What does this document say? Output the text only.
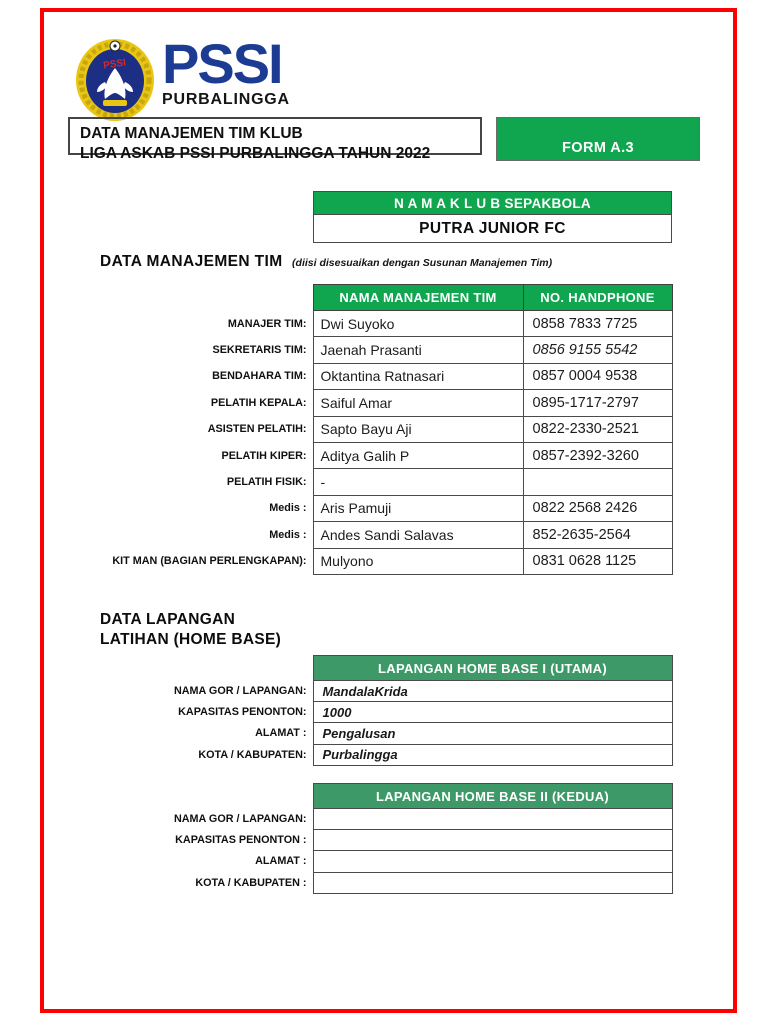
PSSI PSSI
PURBALINGGA
DATA MANAJEMEN TIM KLUB
LIGA ASKAB PSSI PURBALINGGA TAHUN 2022	FORM A.3
N A M A K L U B SEPAKBOLA
PUTRA JUNIOR FC
DATA MANAJEMEN TIM (diisi disesuaikan dengan Susunan Manajemen Tim)
	NAMA MANAJEMEN TIM	NO. HANDPHONE
MANAJER TIM:	Dwi Suyoko	0858 7833 7725
SEKRETARIS TIM:	Jaenah Prasanti	0856 9155 5542
BENDAHARA TIM:	Oktantina Ratnasari	0857 0004 9538
PELATIH KEPALA:	Saiful Amar	0895-1717-2797
ASISTEN PELATIH:	Sapto Bayu Aji	0822-2330-2521
PELATIH KIPER:	Aditya Galih P	0857-2392-3260
PELATIH FISIK:	-	
Medis :	Aris Pamuji	0822 2568 2426
Medis :	Andes Sandi Salavas	852-2635-2564
KIT MAN (BAGIAN PERLENGKAPAN):	Mulyono	0831 0628 1125
DATA LAPANGAN
LATIHAN (HOME BASE)
	LAPANGAN HOME BASE I (UTAMA)
NAMA GOR / LAPANGAN:	MandalaKrida
KAPASITAS PENONTON:	1000
ALAMAT :	Pengalusan
KOTA / KABUPATEN:	Purbalingga
	LAPANGAN HOME BASE II (KEDUA)
NAMA GOR / LAPANGAN:	
KAPASITAS PENONTON :	
ALAMAT :	
KOTA / KABUPATEN :	
